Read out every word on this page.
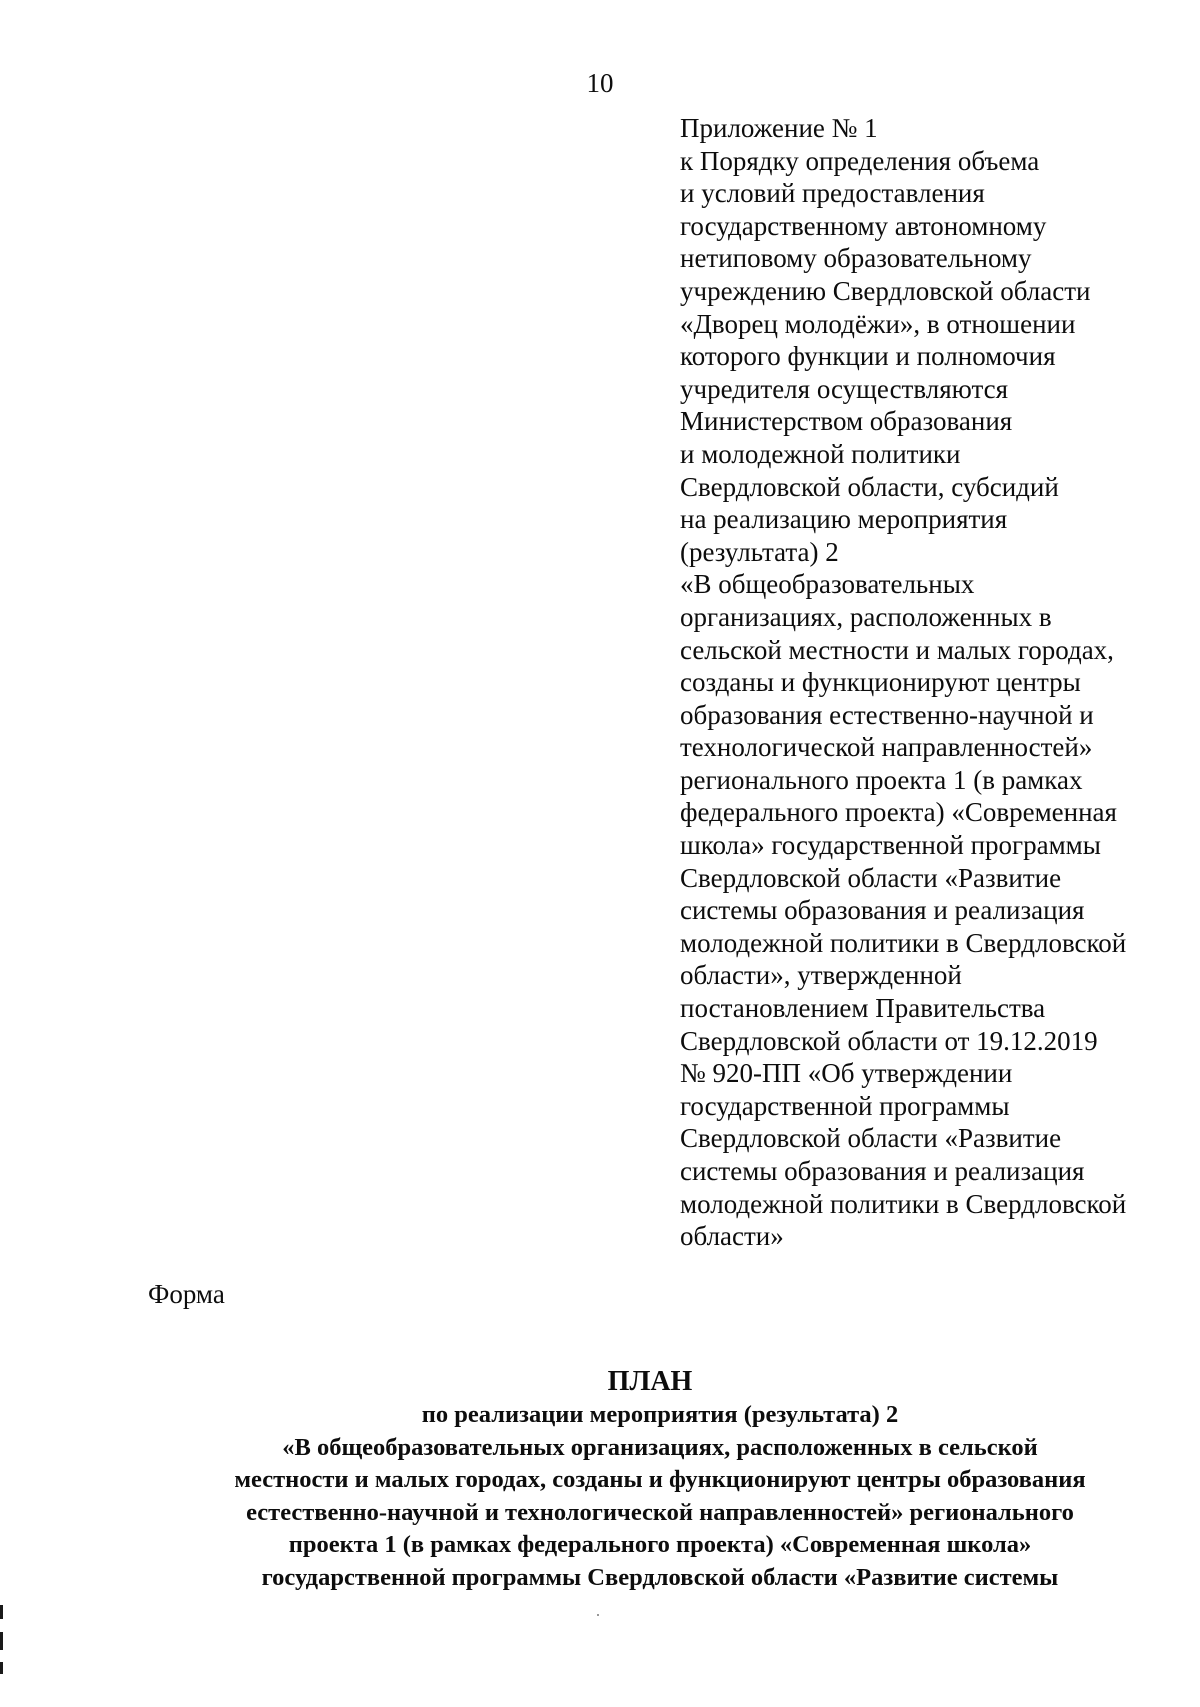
10
Приложение № 1
к Порядку определения объема
и условий предоставления
государственному автономному
нетиповому образовательному
учреждению Свердловской области
«Дворец молодёжи», в отношении
которого функции и полномочия
учредителя осуществляются
Министерством образования
и молодежной политики
Свердловской области, субсидий
на реализацию мероприятия
(результата) 2
«В общеобразовательных
организациях, расположенных в
сельской местности и малых городах,
созданы и функционируют центры
образования естественно-научной и
технологической направленностей»
регионального проекта 1 (в рамках
федерального проекта) «Современная
школа» государственной программы
Свердловской области «Развитие
системы образования и реализация
молодежной политики в Свердловской
области», утвержденной
постановлением Правительства
Свердловской области от 19.12.2019
№ 920-ПП «Об утверждении
государственной программы
Свердловской области «Развитие
системы образования и реализация
молодежной политики в Свердловской
области»
Форма
ПЛАН
по реализации мероприятия (результата) 2
«В общеобразовательных организациях, расположенных в сельской
местности и малых городах, созданы и функционируют центры образования
естественно-научной и технологической направленностей» регионального
проекта 1 (в рамках федерального проекта) «Современная школа»
государственной программы Свердловской области «Развитие системы
